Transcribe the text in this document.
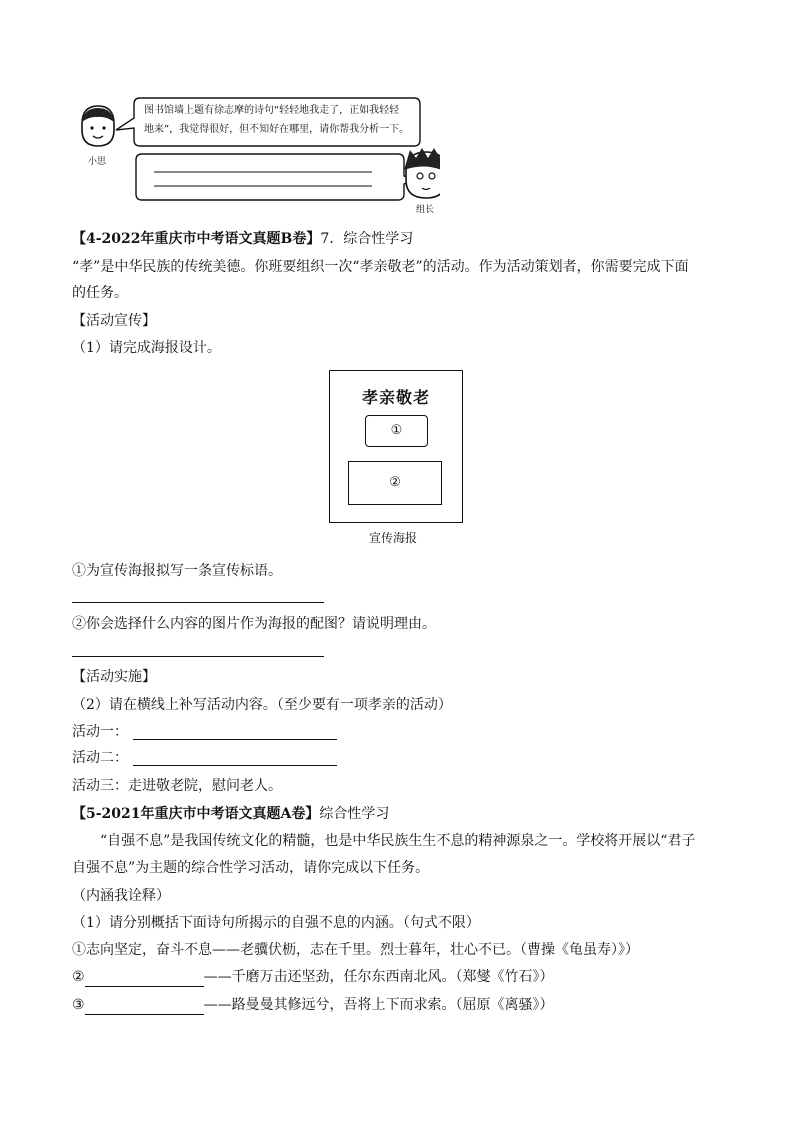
图书馆墙上题有徐志摩的诗句“轻轻地我走了，正如我轻轻
地来”，我觉得很好，但不知好在哪里，请你帮我分析一下。
小思
组长
【4-2022年重庆市中考语文真题B卷】7．综合性学习
“孝”是中华民族的传统美德。你班要组织一次“孝亲敬老”的活动。作为活动策划者，你需要完成下面
的任务。
【活动宣传】
（1）请完成海报设计。
孝亲敬老
①
②
宣传海报
①为宣传海报拟写一条宣传标语。
②你会选择什么内容的图片作为海报的配图？请说明理由。
【活动实施】
（2）请在横线上补写活动内容。（至少要有一项孝亲的活动）
活动一：
活动二：
活动三：走进敬老院，慰问老人。
【5-2021年重庆市中考语文真题A卷】综合性学习
“自强不息”是我国传统文化的精髓，也是中华民族生生不息的精神源泉之一。学校将开展以“君子
自强不息”为主题的综合性学习活动，请你完成以下任务。
（内涵我诠释）
（1）请分别概括下面诗句所揭示的自强不息的内涵。（句式不限）
①志向坚定，奋斗不息——老骥伏枥，志在千里。烈士暮年，壮心不已。（曹操《龟虽寿）》）
②	——千磨万击还坚劲，任尔东西南北风。（郑燮《竹石》）
③	——路曼曼其修远兮，吾将上下而求索。（屈原《离骚》）
